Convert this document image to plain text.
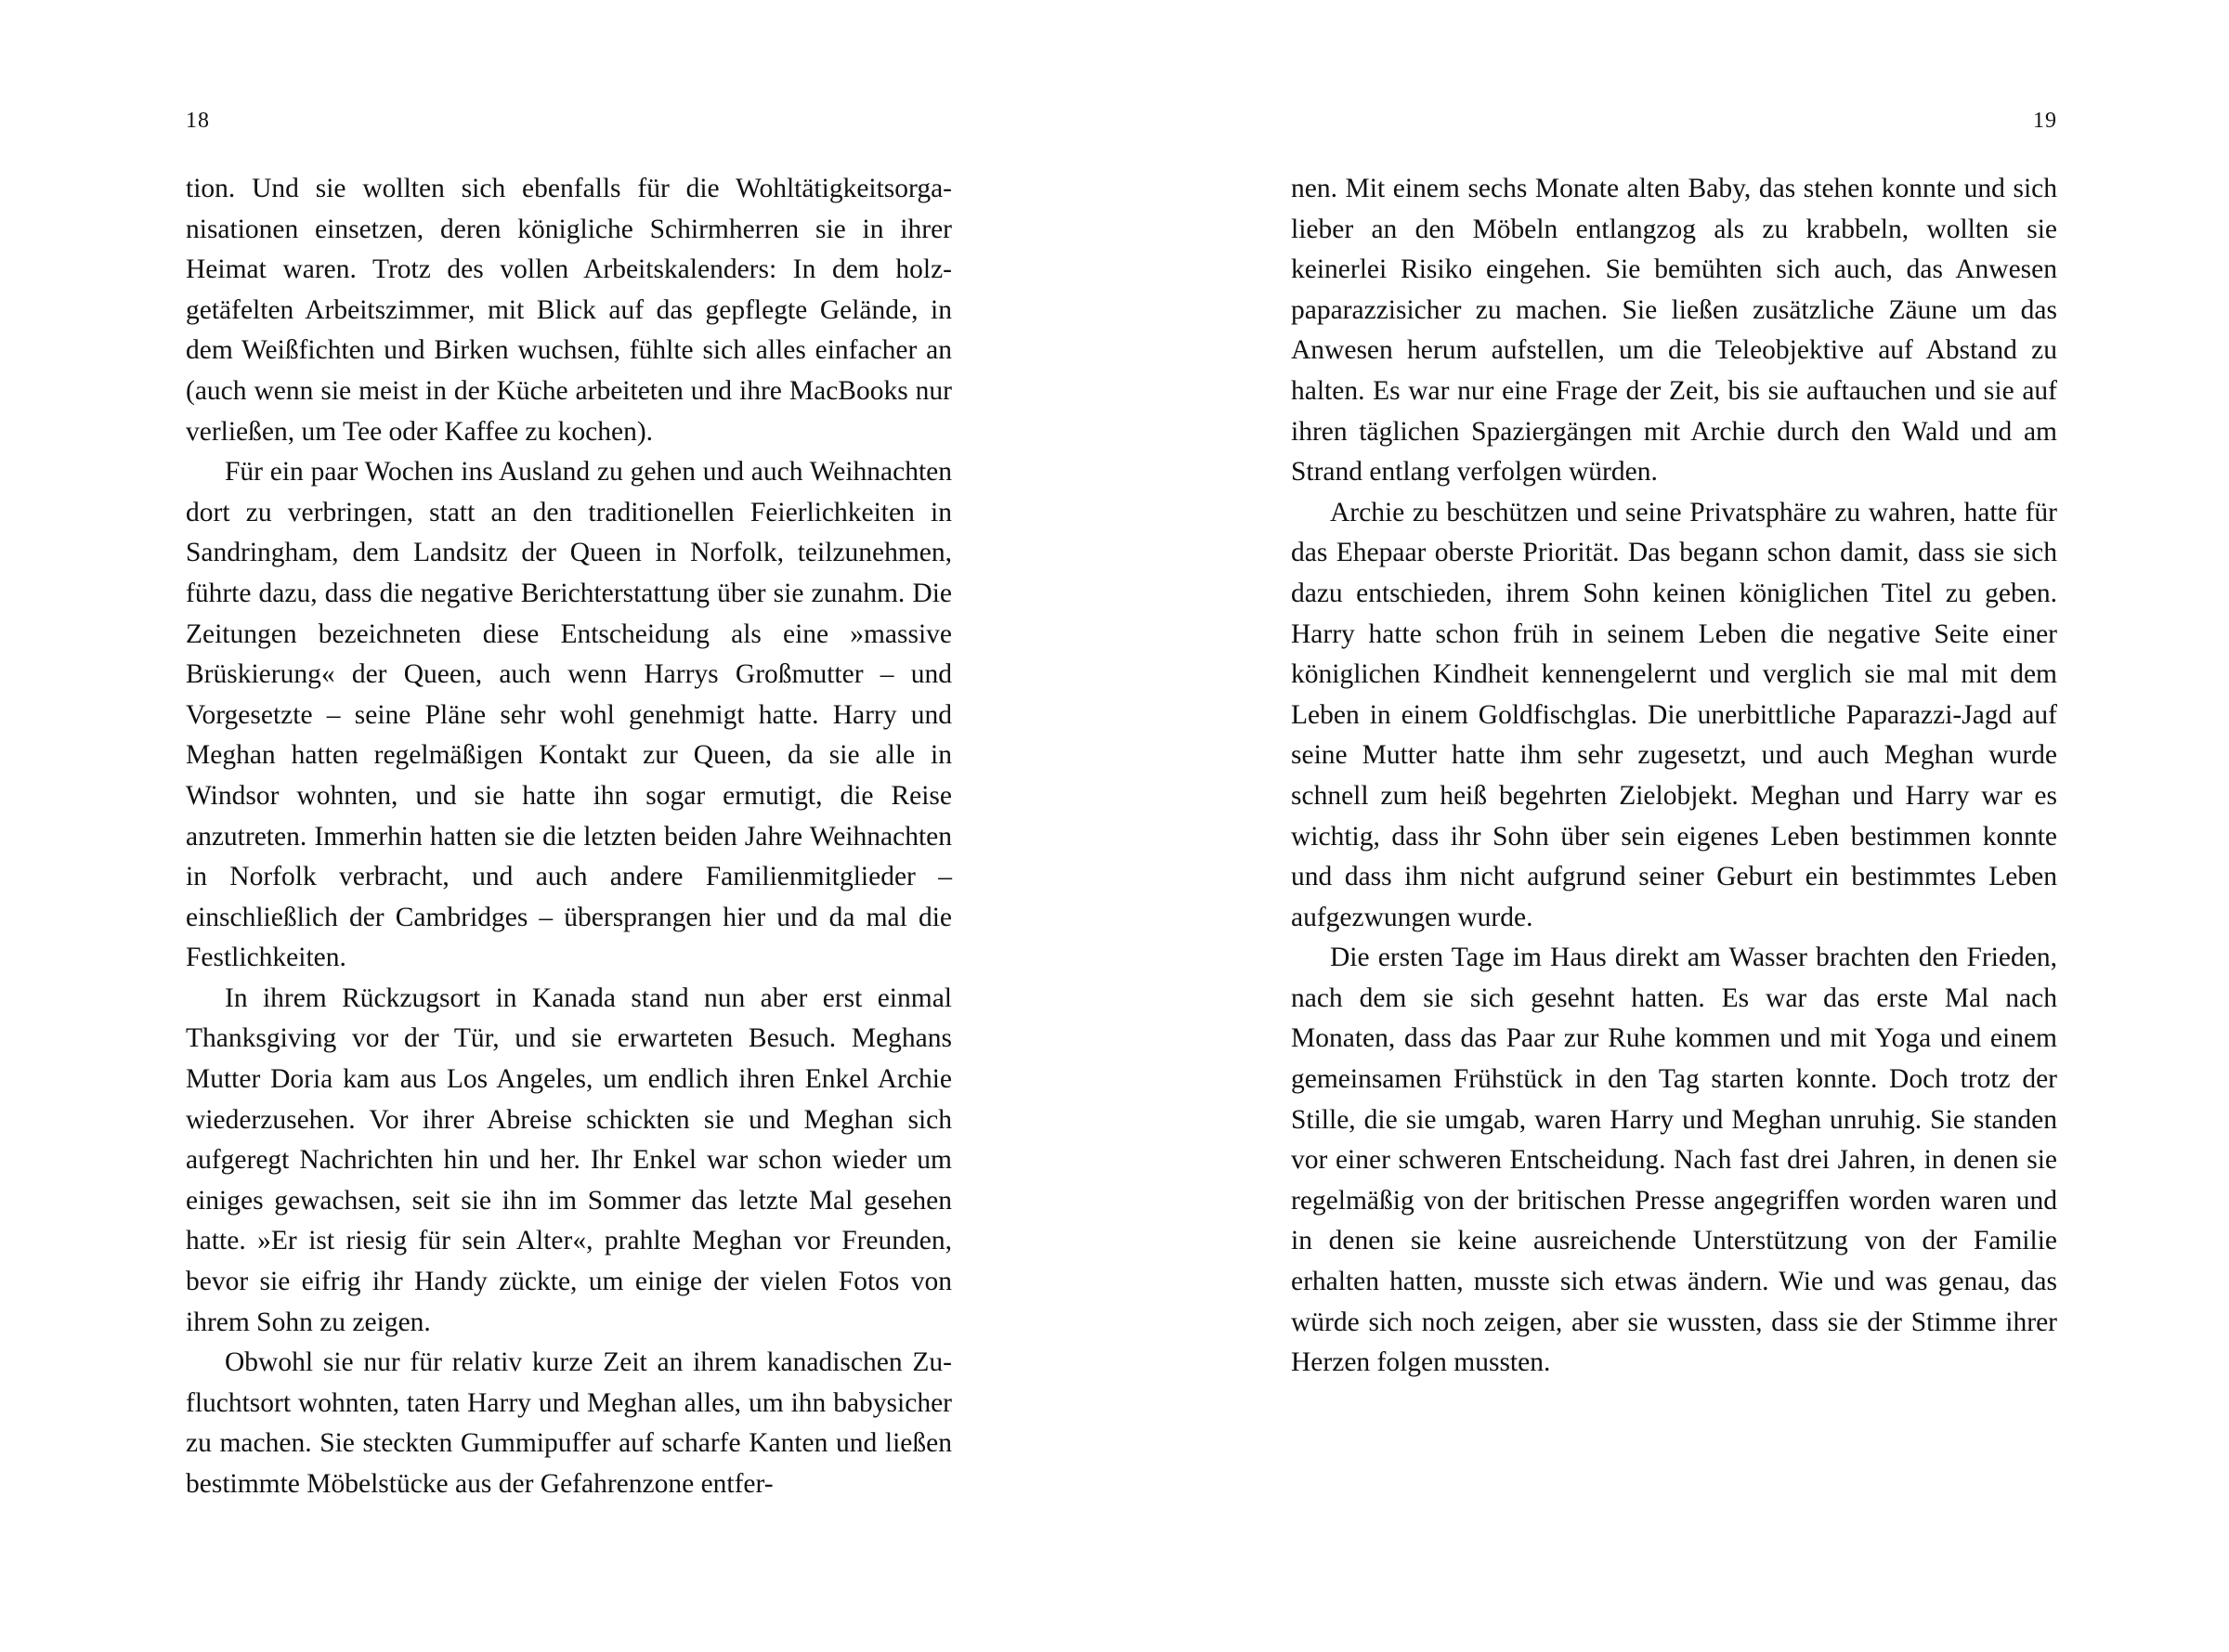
18

tion. Und sie wollten sich ebenfalls für die Wohltätigkeitsorganisationen einsetzen, deren königliche Schirmherren sie in ihrer Heimat waren. Trotz des vollen Arbeitskalenders: In dem holzgetäfelten Arbeitszimmer, mit Blick auf das gepflegte Gelände, in dem Weißfichten und Birken wuchsen, fühlte sich alles einfacher an (auch wenn sie meist in der Küche arbeiteten und ihre MacBooks nur verließen, um Tee oder Kaffee zu kochen).

Für ein paar Wochen ins Ausland zu gehen und auch Weihnachten dort zu verbringen, statt an den traditionellen Feierlichkeiten in Sandringham, dem Landsitz der Queen in Norfolk, teilzunehmen, führte dazu, dass die negative Berichterstattung über sie zunahm. Die Zeitungen bezeichneten diese Entscheidung als eine »massive Brüskierung« der Queen, auch wenn Harrys Großmutter – und Vorgesetzte – seine Pläne sehr wohl genehmigt hatte. Harry und Meghan hatten regelmäßigen Kontakt zur Queen, da sie alle in Windsor wohnten, und sie hatte ihn sogar ermutigt, die Reise anzutreten. Immerhin hatten sie die letzten beiden Jahre Weihnachten in Norfolk verbracht, und auch andere Familienmitglieder – einschließlich der Cambridges – übersprangen hier und da mal die Festlichkeiten.

In ihrem Rückzugsort in Kanada stand nun aber erst einmal Thanksgiving vor der Tür, und sie erwarteten Besuch. Meghans Mutter Doria kam aus Los Angeles, um endlich ihren Enkel Archie wiederzusehen. Vor ihrer Abreise schickten sie und Meghan sich aufgeregt Nachrichten hin und her. Ihr Enkel war schon wieder um einiges gewachsen, seit sie ihn im Sommer das letzte Mal gesehen hatte. »Er ist riesig für sein Alter«, prahlte Meghan vor Freunden, bevor sie eifrig ihr Handy zückte, um einige der vielen Fotos von ihrem Sohn zu zeigen.

Obwohl sie nur für relativ kurze Zeit an ihrem kanadischen Zufluchtsort wohnten, taten Harry und Meghan alles, um ihn babysicher zu machen. Sie steckten Gummipuffer auf scharfe Kanten und ließen bestimmte Möbelstücke aus der Gefahrenzone entfer-

19

nen. Mit einem sechs Monate alten Baby, das stehen konnte und sich lieber an den Möbeln entlangzog als zu krabbeln, wollten sie keinerlei Risiko eingehen. Sie bemühten sich auch, das Anwesen paparazzisicher zu machen. Sie ließen zusätzliche Zäune um das Anwesen herum aufstellen, um die Teleobjektive auf Abstand zu halten. Es war nur eine Frage der Zeit, bis sie auftauchen und sie auf ihren täglichen Spaziergängen mit Archie durch den Wald und am Strand entlang verfolgen würden.

Archie zu beschützen und seine Privatsphäre zu wahren, hatte für das Ehepaar oberste Priorität. Das begann schon damit, dass sie sich dazu entschieden, ihrem Sohn keinen königlichen Titel zu geben. Harry hatte schon früh in seinem Leben die negative Seite einer königlichen Kindheit kennengelernt und verglich sie mal mit dem Leben in einem Goldfischglas. Die unerbittliche Paparazzi-Jagd auf seine Mutter hatte ihm sehr zugesetzt, und auch Meghan wurde schnell zum heiß begehrten Zielobjekt. Meghan und Harry war es wichtig, dass ihr Sohn über sein eigenes Leben bestimmen konnte und dass ihm nicht aufgrund seiner Geburt ein bestimmtes Leben aufgezwungen wurde.

Die ersten Tage im Haus direkt am Wasser brachten den Frieden, nach dem sie sich gesehnt hatten. Es war das erste Mal nach Monaten, dass das Paar zur Ruhe kommen und mit Yoga und einem gemeinsamen Frühstück in den Tag starten konnte. Doch trotz der Stille, die sie umgab, waren Harry und Meghan unruhig. Sie standen vor einer schweren Entscheidung. Nach fast drei Jahren, in denen sie regelmäßig von der britischen Presse angegriffen worden waren und in denen sie keine ausreichende Unterstützung von der Familie erhalten hatten, musste sich etwas ändern. Wie und was genau, das würde sich noch zeigen, aber sie wussten, dass sie der Stimme ihrer Herzen folgen mussten.
